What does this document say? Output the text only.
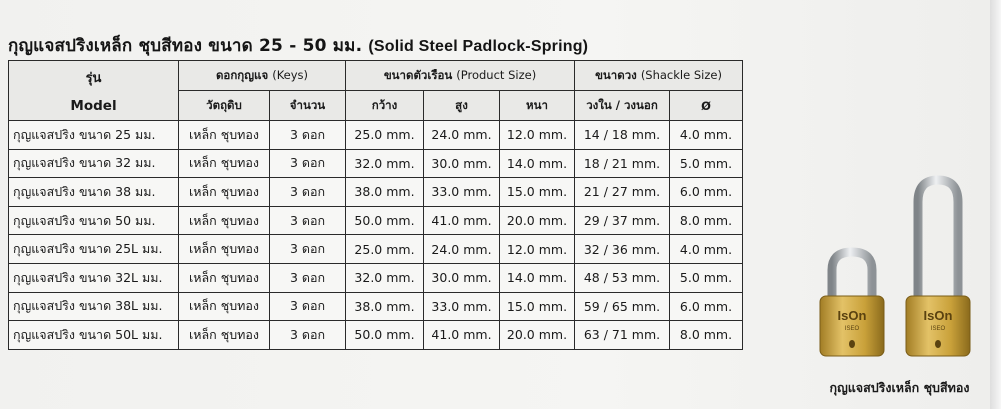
กุญแจสปริงเหล็ก ชุบสีทอง ขนาด 25 - 50 มม. (Solid Steel Padlock-Spring)
รุ่น
Model	ดอกกุญแจ (Keys)		ขนาดตัวเรือน (Product Size)			ขนาดวง (Shackle Size)	
	วัตถุดิบ	จำนวน	กว้าง	สูง	หนา	วงใน / วงนอก	Ø
กุญแจสปริง ขนาด 25 มม.	เหล็ก ชุบทอง	3 ดอก	25.0 mm.	24.0 mm.	12.0 mm.	14 / 18 mm.	4.0 mm.
กุญแจสปริง ขนาด 32 มม.	เหล็ก ชุบทอง	3 ดอก	32.0 mm.	30.0 mm.	14.0 mm.	18 / 21 mm.	5.0 mm.
กุญแจสปริง ขนาด 38 มม.	เหล็ก ชุบทอง	3 ดอก	38.0 mm.	33.0 mm.	15.0 mm.	21 / 27 mm.	6.0 mm.
กุญแจสปริง ขนาด 50 มม.	เหล็ก ชุบทอง	3 ดอก	50.0 mm.	41.0 mm.	20.0 mm.	29 / 37 mm.	8.0 mm.
กุญแจสปริง ขนาด 25L มม.	เหล็ก ชุบทอง	3 ดอก	25.0 mm.	24.0 mm.	12.0 mm.	32 / 36 mm.	4.0 mm.
กุญแจสปริง ขนาด 32L มม.	เหล็ก ชุบทอง	3 ดอก	32.0 mm.	30.0 mm.	14.0 mm.	48 / 53 mm.	5.0 mm.
กุญแจสปริง ขนาด 38L มม.	เหล็ก ชุบทอง	3 ดอก	38.0 mm.	33.0 mm.	15.0 mm.	59 / 65 mm.	6.0 mm.
กุญแจสปริง ขนาด 50L มม.	เหล็ก ชุบทอง	3 ดอก	50.0 mm.	41.0 mm.	20.0 mm.	63 / 71 mm.	8.0 mm.
IsOn
ISEO
IsOn
ISEO
กุญแจสปริงเหล็ก ชุบสีทอง
